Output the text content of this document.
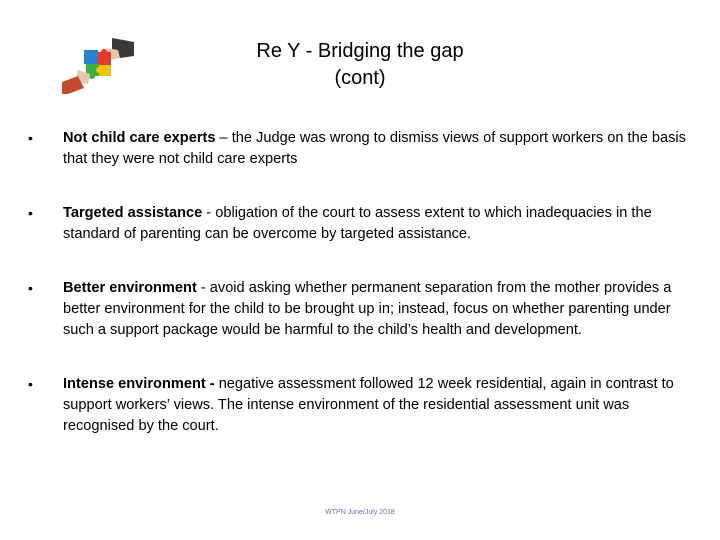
Re Y - Bridging the gap
(cont)
• Not child care experts – the Judge was wrong to dismiss views of support workers on the basis that they were not child care experts
• Targeted assistance - obligation of the court to assess extent to which inadequacies in the standard of parenting can be overcome by targeted assistance.
• Better environment - avoid asking whether permanent separation from the mother provides a better environment for the child to be brought up in; instead, focus on whether parenting under such a support package would be harmful to the child’s health and development.
• Intense environment - negative assessment followed 12 week residential, again in contrast to support workers’ views. The intense environment of the residential assessment unit was recognised by the court.
WTPN June/July 2018
